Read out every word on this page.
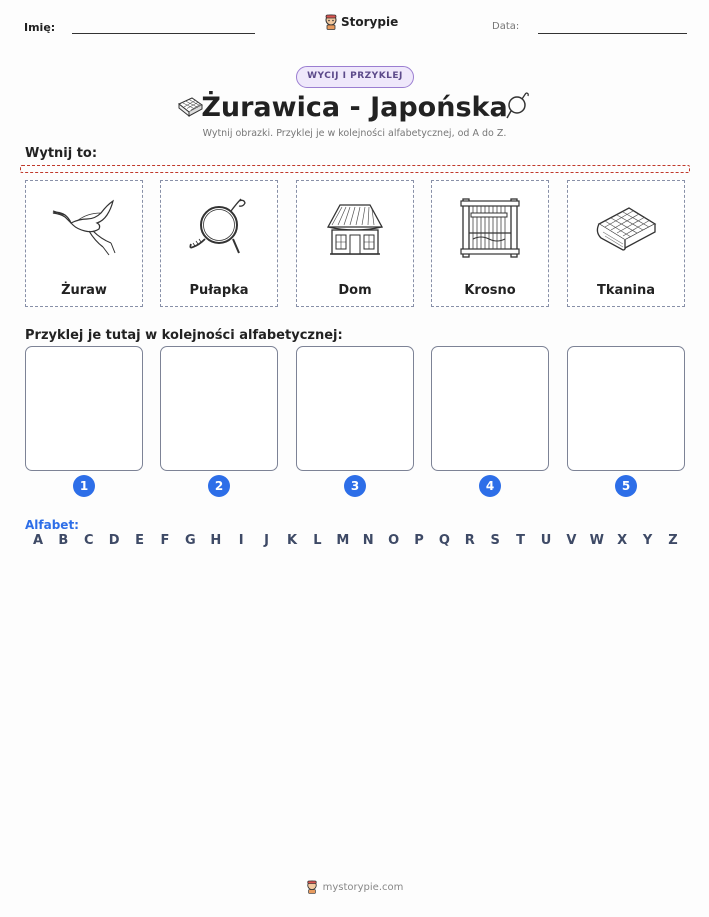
Imię:	Storypie	Data:
WYCIJ I PRZYKLEJ
Żurawica - Japońska
Wytnij obrazki. Przyklej je w kolejności alfabetycznej, od A do Z.
Wytnij to:
Żuraw	Pułapka	Dom	Krosno	Tkanina
Przyklej je tutaj w kolejności alfabetycznej:
1	2	3	4	5
Alfabet:
A	B	C	D	E	F	G H	I	J	K	L	M N O	P	Q	R	S	T	U	V	W	X	Y	Z
mystorypie.com
